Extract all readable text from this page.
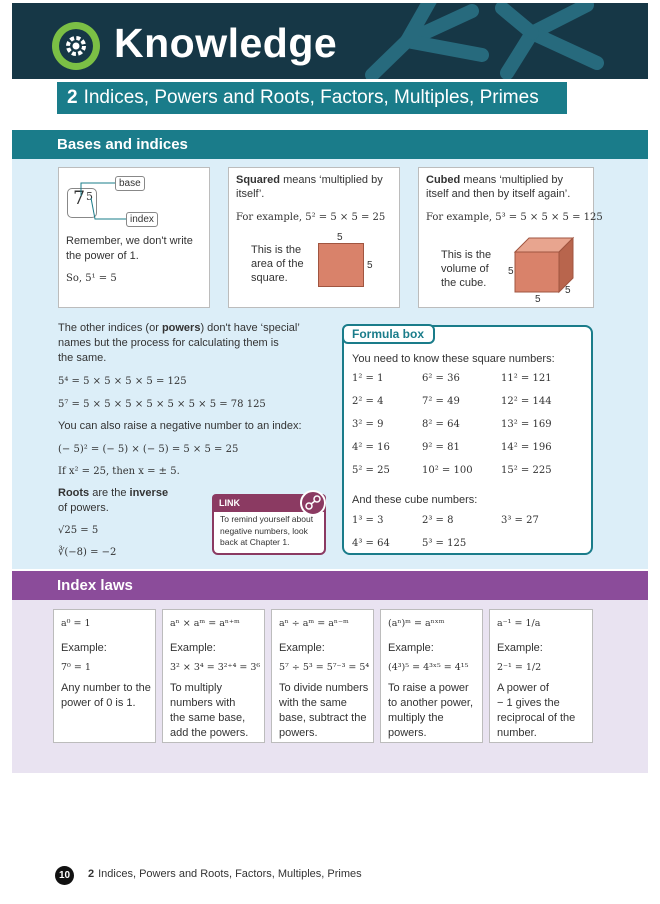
Knowledge
2 Indices, Powers and Roots, Factors, Multiples, Primes
Bases and indices
7 5
base
index
Remember, we don't write
the power of 1.
So, 5¹ = 5
Squared means ‘multiplied by
itself’.
For example, 5² = 5 × 5 = 25
5
5
This is the
area of the
square.
Cubed means ‘multiplied by
itself and then by itself again’.
For example, 5³ = 5 × 5 × 5 = 125
This is the
volume of
the cube.
5
5
5
The other indices (or powers) don't have ‘special’
names but the process for calculating them is
the same.
5⁴ = 5 × 5 × 5 × 5 = 125
5⁷ = 5 × 5 × 5 × 5 × 5 × 5 × 5 = 78 125
You can also raise a negative number to an index:
(− 5)² = (− 5) × (− 5) = 5 × 5 = 25
If x² = 25, then x = ± 5.
Roots are the inverse
of powers.
√25 = 5
∛(−8) = −2
LINK
To remind yourself about negative numbers, look back at Chapter 1.
Formula box
You need to know these square numbers:
1² = 1	6² = 36	11² = 121
2² = 4	7² = 49	12² = 144
3² = 9	8² = 64	13² = 169
4² = 16	9² = 81	14² = 196
5² = 25	10² = 100	15² = 225
And these cube numbers:
1³ = 3	2³ = 8	3³ = 27
4³ = 64	5³ = 125
Index laws
a⁰ = 1
Example:
7⁰ = 1
Any number to the
power of 0 is 1.
aⁿ × aᵐ = aⁿ⁺ᵐ
Example:
3² × 3⁴ = 3²⁺⁴ = 3⁶
To multiply
numbers with
the same base,
add the powers.
aⁿ ÷ aᵐ = aⁿ⁻ᵐ
Example:
5⁷ ÷ 5³ = 5⁷⁻³ = 5⁴
To divide numbers
with the same
base, subtract the
powers.
(aⁿ)ᵐ = aⁿˣᵐ
Example:
(4³)⁵ = 4³ˣ⁵ = 4¹⁵
To raise a power
to another power,
multiply the
powers.
a⁻¹ = 1/a
Example:
2⁻¹ = 1/2
A power of
− 1 gives the
reciprocal of the
number.
10	2 Indices, Powers and Roots, Factors, Multiples, Primes
